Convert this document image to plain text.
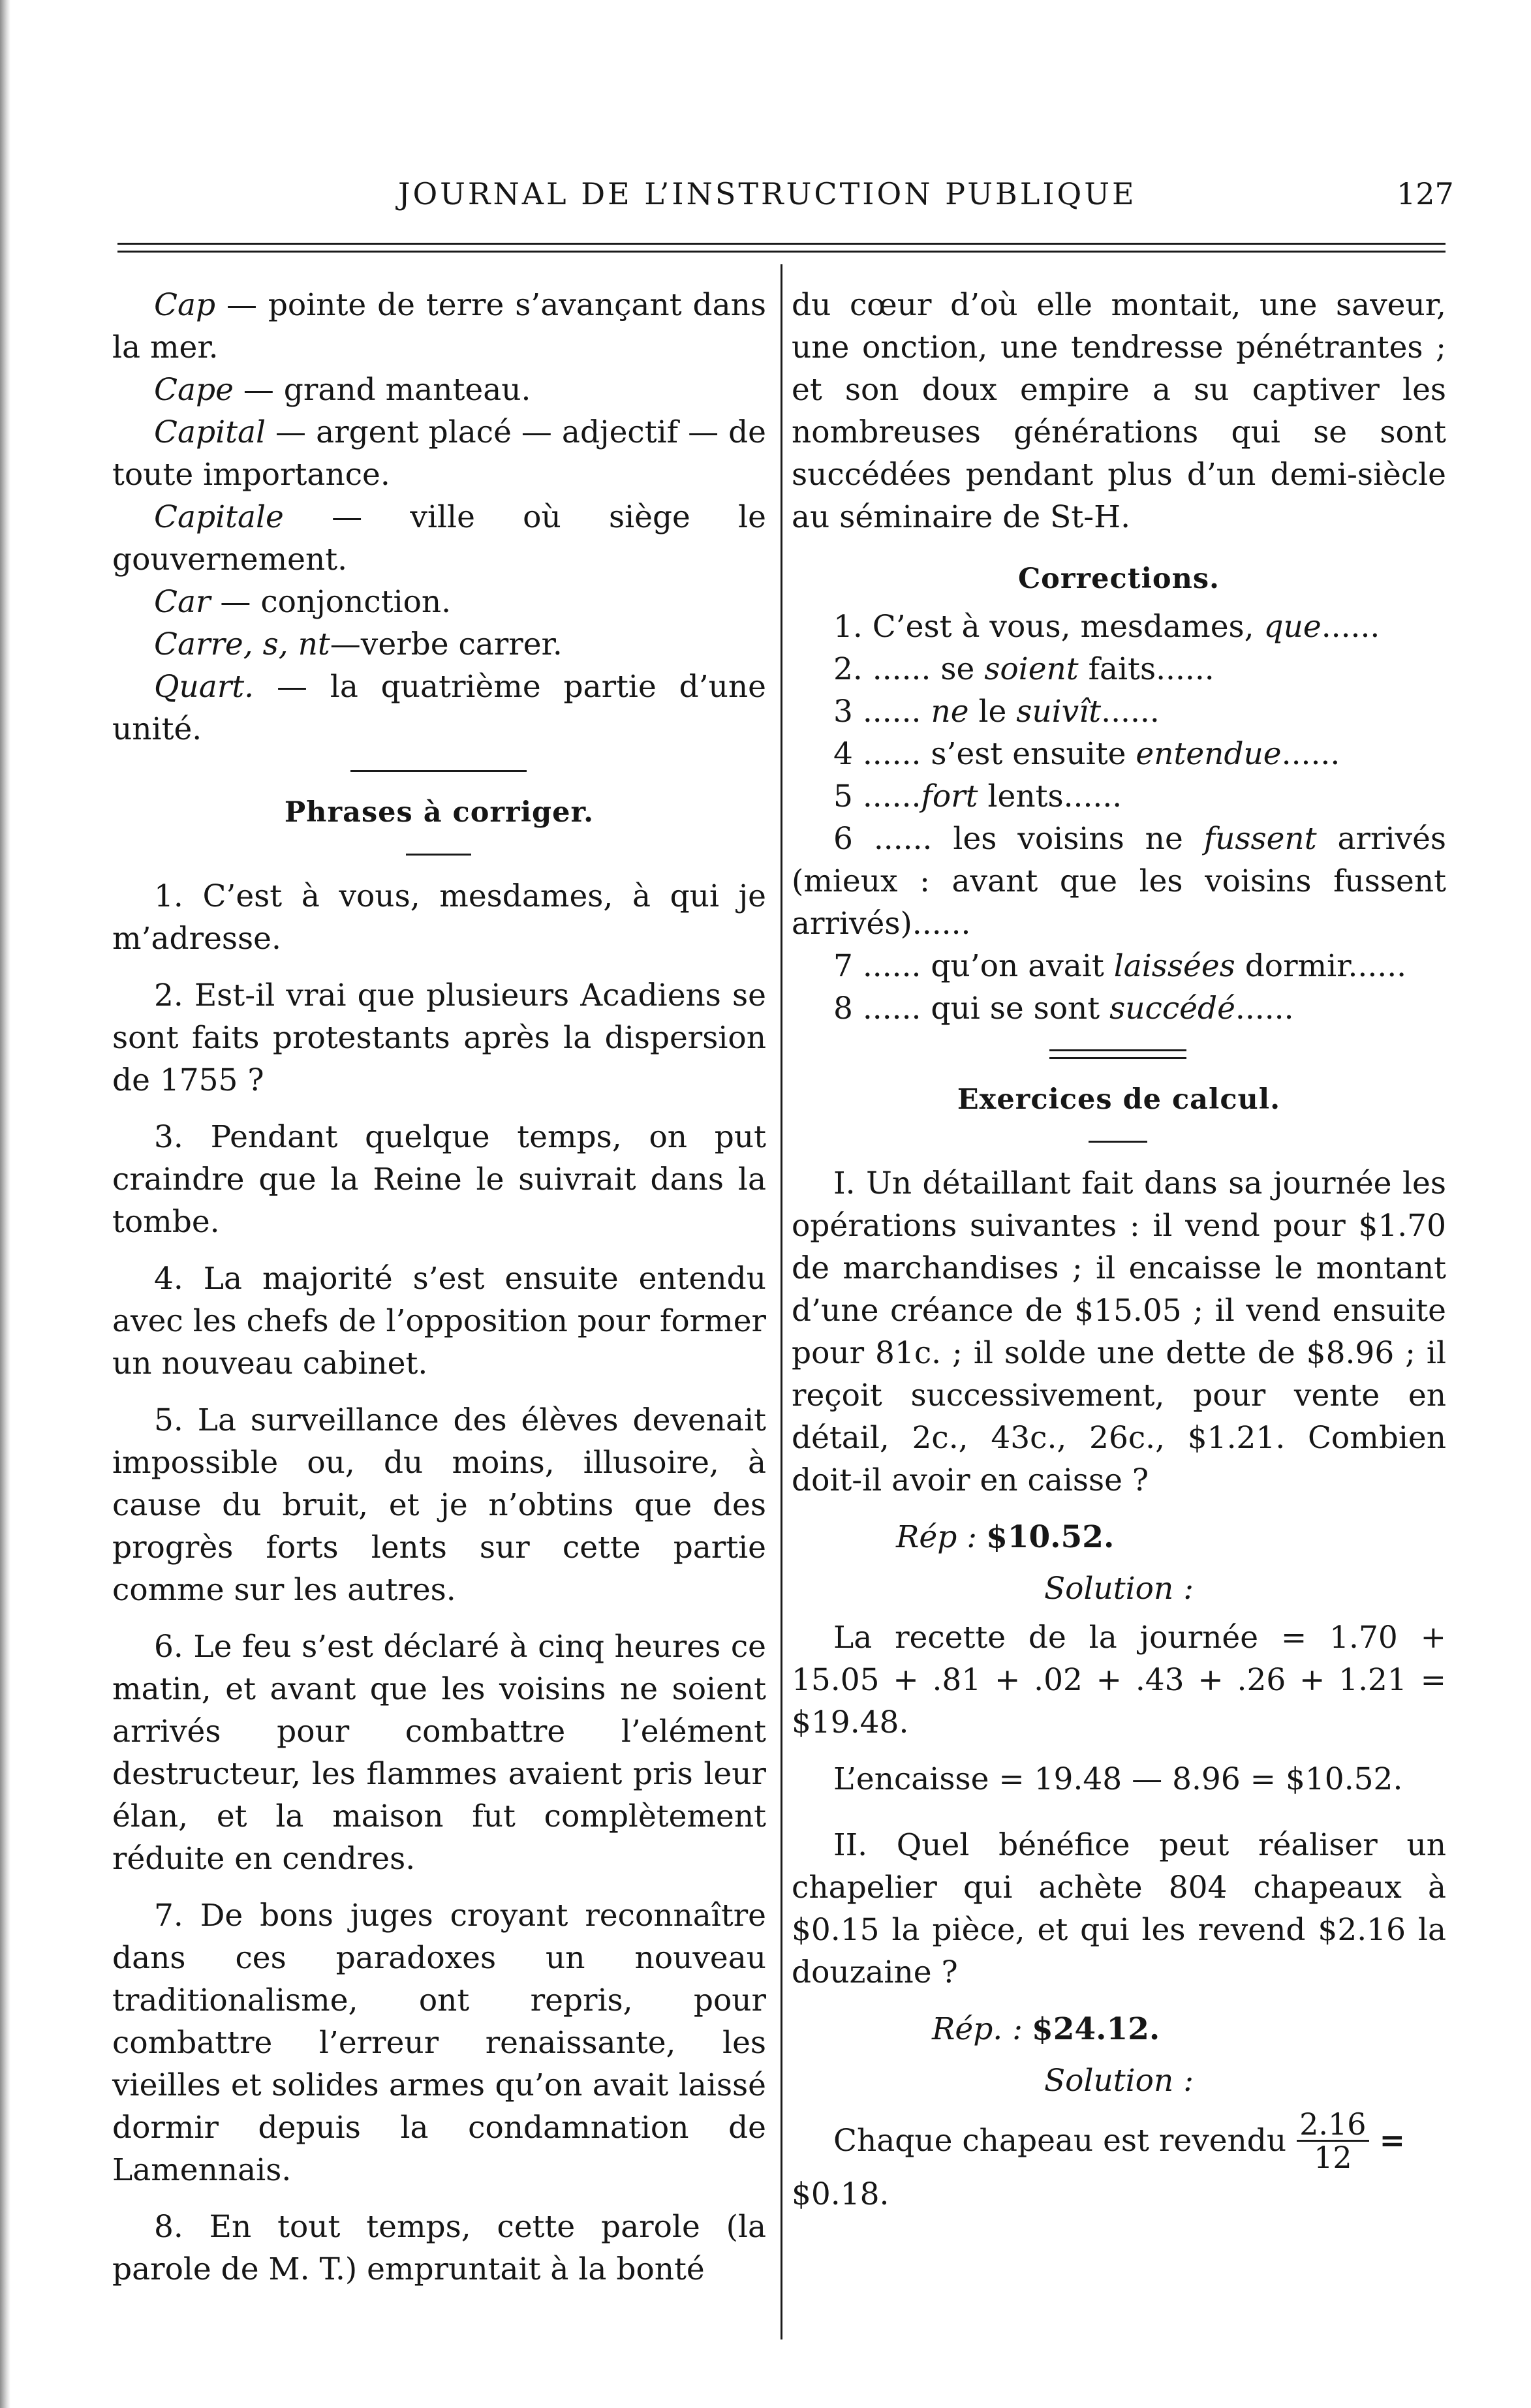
JOURNAL DE L’INSTRUCTION PUBLIQUE	127

Cap — pointe de terre s’avançant dans la mer.

Cape — grand manteau.

Capital — argent placé — adjectif — de toute importance.

Capitale — ville où siège le gouvernement.

Car — conjonction.

Carre, s, nt—verbe carrer.

Quart. — la quatrième partie d’une unité.

Phrases à corriger.

1. C’est à vous, mesdames, à qui je m’adresse.

2. Est-il vrai que plusieurs Acadiens se sont faits protestants après la dispersion de 1755 ?

3. Pendant quelque temps, on put craindre que la Reine le suivrait dans la tombe.

4. La majorité s’est ensuite entendu avec les chefs de l’opposition pour former un nouveau cabinet.

5. La surveillance des élèves devenait impossible ou, du moins, illusoire, à cause du bruit, et je n’obtins que des progrès forts lents sur cette partie comme sur les autres.

6. Le feu s’est déclaré à cinq heures ce matin, et avant que les voisins ne soient arrivés pour combattre l’elément destructeur, les flammes avaient pris leur élan, et la maison fut complètement réduite en cendres.

7. De bons juges croyant reconnaître dans ces paradoxes un nouveau traditionalisme, ont repris, pour combattre l’erreur renaissante, les vieilles et solides armes qu’on avait laissé dormir depuis la condamnation de Lamennais.

8. En tout temps, cette parole (la parole de M. T.) empruntait à la bonté

du cœur d’où elle montait, une saveur, une onction, une tendresse pénétrantes ; et son doux empire a su captiver les nombreuses générations qui se sont succédées pendant plus d’un demi-siècle au séminaire de St-H.

Corrections.

1. C’est à vous, mesdames, que......

2. ...... se soient faits......

3 ...... ne le suivît......

4 ...... s’est ensuite entendue......

5 ......fort lents......

6 ...... les voisins ne fussent arrivés (mieux : avant que les voisins fussent arrivés)......

7 ...... qu’on avait laissées dormir......

8 ...... qui se sont succédé......

Exercices de calcul.

I. Un détaillant fait dans sa journée les opérations suivantes : il vend pour $1.70 de marchandises ; il encaisse le montant d’une créance de $15.05 ; il vend ensuite pour 81c. ; il solde une dette de $8.96 ; il reçoit successivement, pour vente en détail, 2c., 43c., 26c., $1.21. Combien doit-il avoir en caisse ?

Rép : $10.52.

Solution :

La recette de la journée = 1.70 + 15.05 + .81 + .02 + .43 + .26 + 1.21 = $19.48.

L’encaisse = 19.48 — 8.96 = $10.52.

II. Quel bénéfice peut réaliser un chapelier qui achète 804 chapeaux à $0.15 la pièce, et qui les revend $2.16 la douzaine ?

Rép. : $24.12.

Solution :

Chaque chapeau est revendu $\frac{2.16}{12}$ =

$0.18.
